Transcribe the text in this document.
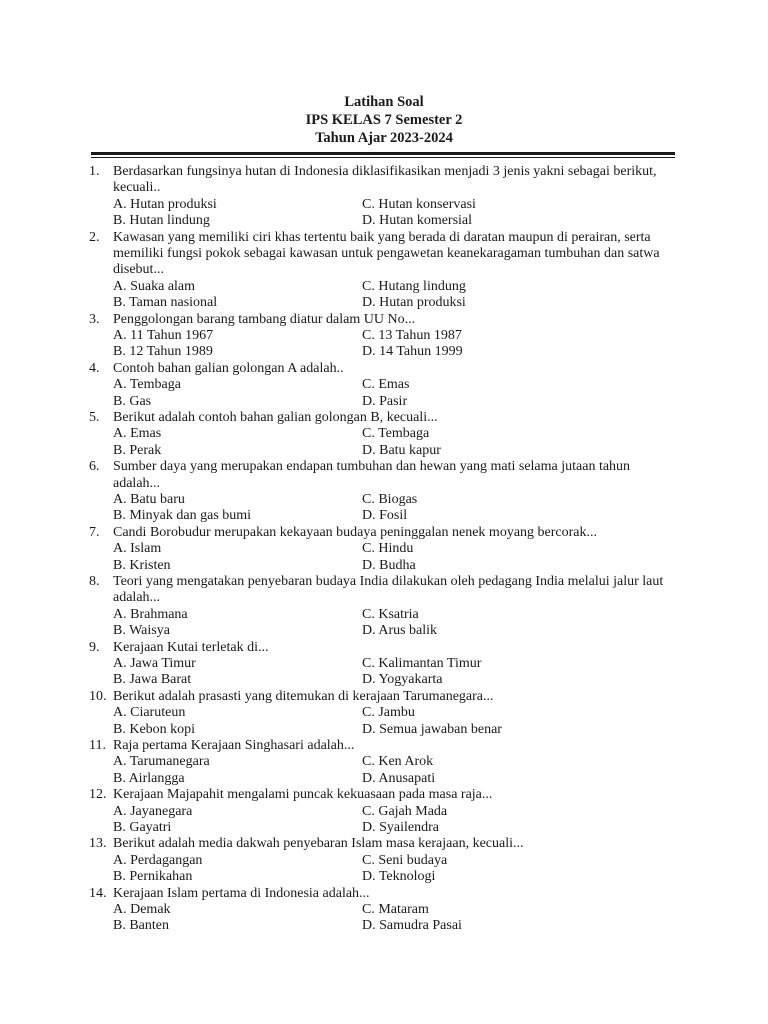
Latihan Soal
IPS KELAS 7 Semester 2
Tahun Ajar 2023-2024
1. Berdasarkan fungsinya hutan di Indonesia diklasifikasikan menjadi 3 jenis yakni sebagai berikut, kecuali..
A. Hutan produksi
B. Hutan lindung
C. Hutan konservasi
D. Hutan komersial
2. Kawasan yang memiliki ciri khas tertentu baik yang berada di daratan maupun di perairan, serta memiliki fungsi pokok sebagai kawasan untuk pengawetan keanekaragaman tumbuhan dan satwa disebut...
A. Suaka alam
B. Taman nasional
C. Hutang lindung
D. Hutan produksi
3. Penggolongan barang tambang diatur dalam UU No...
A. 11 Tahun 1967
B. 12 Tahun 1989
C. 13 Tahun 1987
D. 14 Tahun 1999
4. Contoh bahan galian golongan A adalah..
A. Tembaga
B. Gas
C. Emas
D. Pasir
5. Berikut adalah contoh bahan galian golongan B, kecuali...
A. Emas
B. Perak
C. Tembaga
D. Batu kapur
6. Sumber daya yang merupakan endapan tumbuhan dan hewan yang mati selama jutaan tahun adalah...
A. Batu baru
B. Minyak dan gas bumi
C. Biogas
D. Fosil
7. Candi Borobudur merupakan kekayaan budaya peninggalan nenek moyang bercorak...
A. Islam
B. Kristen
C. Hindu
D. Budha
8. Teori yang mengatakan penyebaran budaya India dilakukan oleh pedagang India melalui jalur laut adalah...
A. Brahmana
B. Waisya
C. Ksatria
D. Arus balik
9. Kerajaan Kutai terletak di...
A. Jawa Timur
B. Jawa Barat
C. Kalimantan Timur
D. Yogyakarta
10. Berikut adalah prasasti yang ditemukan di kerajaan Tarumanegara...
A. Ciaruteun
B. Kebon kopi
C. Jambu
D. Semua jawaban benar
11. Raja pertama Kerajaan Singhasari adalah...
A. Tarumanegara
B. Airlangga
C. Ken Arok
D. Anusapati
12. Kerajaan Majapahit mengalami puncak kekuasaan pada masa raja...
A. Jayanegara
B. Gayatri
C. Gajah Mada
D. Syailendra
13. Berikut adalah media dakwah penyebaran Islam masa kerajaan, kecuali...
A. Perdagangan
B. Pernikahan
C. Seni budaya
D. Teknologi
14. Kerajaan Islam pertama di Indonesia adalah...
A. Demak
B. Banten
C. Mataram
D. Samudra Pasai
